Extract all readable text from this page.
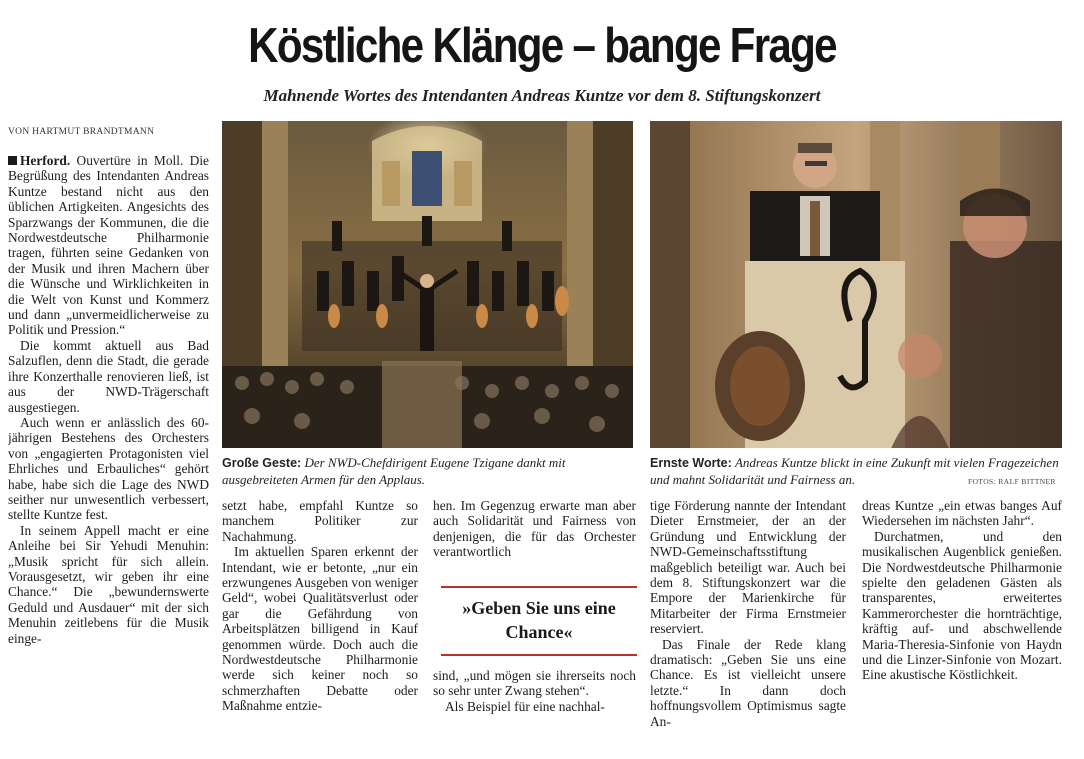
Köstliche Klänge – bange Frage
Mahnende Wortes des Intendanten Andreas Kuntze vor dem 8. Stiftungskonzert
VON HARTMUT BRANDTMANN

Herford. Ouvertüre in Moll. Die Begrüßung des Intendanten Andreas Kuntze bestand nicht aus den üblichen Artigkeiten. Angesichts des Sparzwangs der Kommunen, die die Nordwestdeutsche Philharmonie tragen, führten seine Gedanken von der Musik und ihren Machern über die Wünsche und Wirklichkeiten in die Welt von Kunst und Kommerz und dann „unvermeidlicherweise zu Politik und Pression.“

Die kommt aktuell aus Bad Salzuflen, denn die Stadt, die gerade ihre Konzerthalle renovieren ließ, ist aus der NWD-Trägerschaft ausgestiegen.

Auch wenn er anlässlich des 60-jährigen Bestehens des Orchesters von „engagierten Protagonisten viel Ehrliches und Erbauliches“ gehört habe, habe sich die Lage des NWD seither nur unwesentlich verbessert, stellte Kuntze fest.

In seinem Appell macht er eine Anleihe bei Sir Yehudi Menuhin: „Musik spricht für sich allein. Vorausgesetzt, wir geben ihr eine Chance.“ Die „bewundernswerte Geduld und Ausdauer“ mit der sich Menuhin zeitlebens für die Musik einge-

Große Geste: Der NWD-Chefdirigent Eugene Tzigane dankt mit ausgebreiteten Armen für den Applaus.
Ernste Worte: Andreas Kuntze blickt in eine Zukunft mit vielen Fragezeichen und mahnt Solidarität und Fairness an.	FOTOS: RALF BITTNER

setzt habe, empfahl Kuntze so manchem Politiker zur Nachahmung.

Im aktuellen Sparen erkennt der Intendant, wie er betonte, „nur ein erzwungenes Ausgeben von weniger Geld“, wobei Qualitätsverlust oder gar die Gefährdung von Arbeitsplätzen billigend in Kauf genommen würde. Doch auch die Nordwestdeutsche Philharmonie werde sich keiner noch so schmerzhaften Debatte oder Maßnahme entzie-

hen. Im Gegenzug erwarte man aber auch Solidarität und Fairness von denjenigen, die für das Orchester verantwortlich

»Geben Sie uns eine Chance«

sind, „und mögen sie ihrerseits noch so sehr unter Zwang stehen“.

Als Beispiel für eine nachhal-

tige Förderung nannte der Intendant Dieter Ernstmeier, der an der Gründung und Entwicklung der NWD-Gemeinschaftsstiftung maßgeblich beteiligt war. Auch bei dem 8. Stiftungskonzert war die Empore der Marienkirche für Mitarbeiter der Firma Ernstmeier reserviert.

Das Finale der Rede klang dramatisch: „Geben Sie uns eine Chance. Es ist vielleicht unsere letzte.“ In dann doch hoffnungsvollem Optimismus sagte An-

dreas Kuntze „ein etwas banges Auf Wiedersehen im nächsten Jahr“.

Durchatmen, und den musikalischen Augenblick genießen. Die Nordwestdeutsche Philharmonie spielte den geladenen Gästen als transparentes, erweitertes Kammerorchester die hornträchtige, kräftig auf- und abschwellende Maria-Theresia-Sinfonie von Haydn und die Linzer-Sinfonie von Mozart. Eine akustische Köstlichkeit.
